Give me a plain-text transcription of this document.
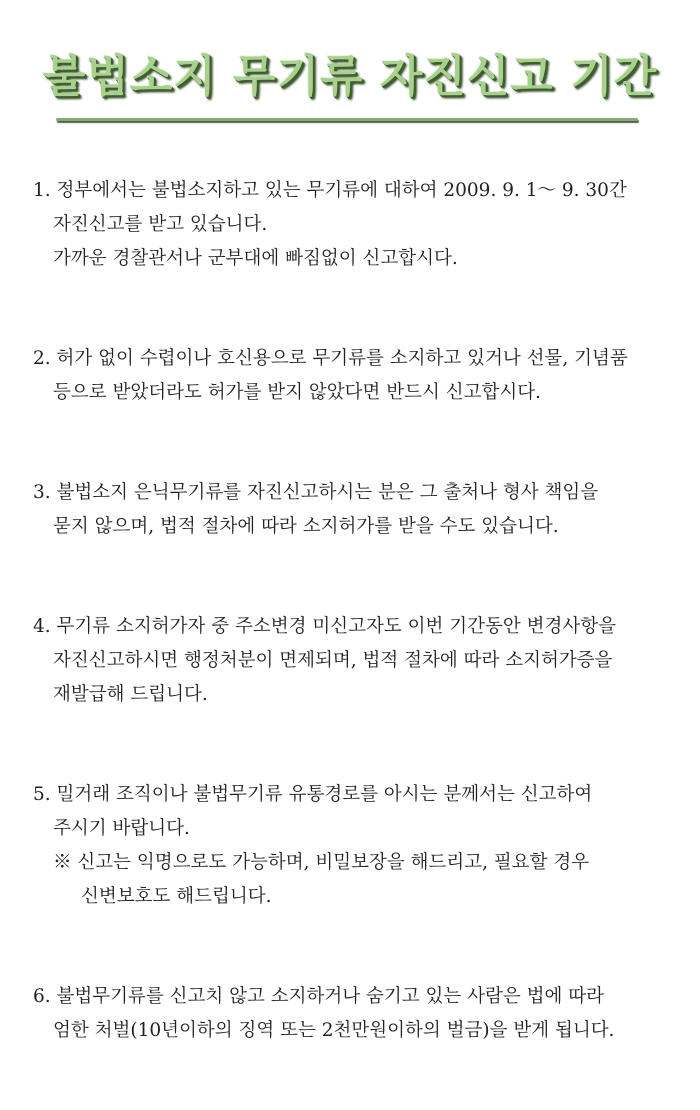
불법소지 무기류 자진신고 기간
1. 정부에서는 불법소지하고 있는 무기류에 대하여 2009. 9. 1～ 9. 30간
자진신고를 받고 있습니다.
가까운 경찰관서나 군부대에 빠짐없이 신고합시다.
2. 허가 없이 수렵이나 호신용으로 무기류를 소지하고 있거나 선물, 기념품
등으로 받았더라도 허가를 받지 않았다면 반드시 신고합시다.
3. 불법소지 은닉무기류를 자진신고하시는 분은 그 출처나 형사 책임을
묻지 않으며, 법적 절차에 따라 소지허가를 받을 수도 있습니다.
4. 무기류 소지허가자 중 주소변경 미신고자도 이번 기간동안 변경사항을
자진신고하시면 행정처분이 면제되며, 법적 절차에 따라 소지허가증을
재발급해 드립니다.
5. 밀거래 조직이나 불법무기류 유통경로를 아시는 분께서는 신고하여
주시기 바랍니다.
※ 신고는 익명으로도 가능하며, 비밀보장을 해드리고, 필요할 경우
신변보호도 해드립니다.
6. 불법무기류를 신고치 않고 소지하거나 숨기고 있는 사람은 법에 따라
엄한 처벌(10년이하의 징역 또는 2천만원이하의 벌금)을 받게 됩니다.
